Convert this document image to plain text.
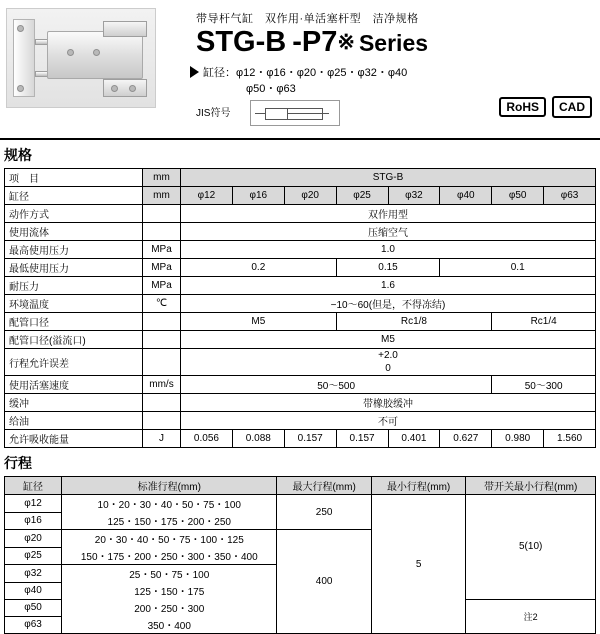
带导杆气缸　双作用·单活塞杆型　洁净规格
STG-B -P7※ Series
缸径：φ12・φ16・φ20・φ25・φ32・φ40
φ50・φ63
JIS符号	RoHS	CAD
规格
项　目	mm	STG-B							
缸径	mm	φ12	φ16	φ20	φ25	φ32	φ40	φ50	φ63
动作方式		双作用型							
使用流体		压缩空气							
最高使用压力	MPa	1.0							
最低使用压力	MPa	0.2			0.15		0.1		
耐压力	MPa	1.6							
环境温度	℃	−10～60(但是，不得冻结)							
配管口径		M5			Rc1/8			Rc1/4	
配管口径(溢流口)		M5							
行程允许误差		+2.0							
		0							
使用活塞速度	mm/s	50～500						50～300	
缓冲		带橡胶缓冲							
给油		不可							
允许吸收能量	J	0.056	0.088	0.157	0.157	0.401	0.627	0.980	1.560
行程
缸径	标准行程(mm)	最大行程(mm)	最小行程(mm)	带开关最小行程(mm)
φ12	10・20・30・40・50・75・100	250	5	5(10)
φ16	125・150・175・200・250			
φ20	20・30・40・50・75・100・125	400		
φ25	150・175・200・250・300・350・400			
φ32	25・50・75・100			
φ40	125・150・175			
φ50	200・250・300			注2
φ63	350・400			
